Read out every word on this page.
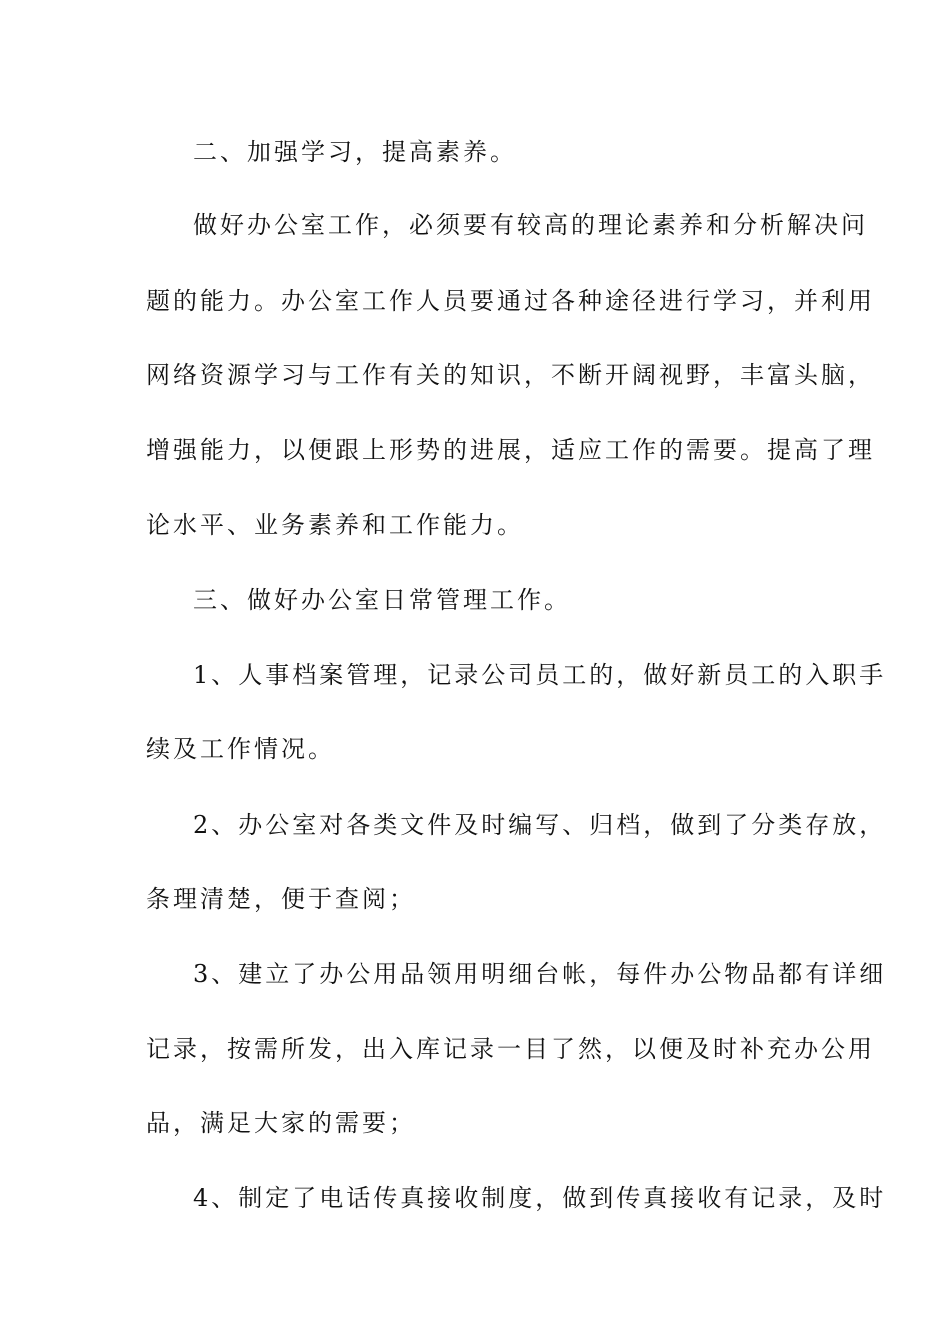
二、加强学习，提高素养。
做好办公室工作，必须要有较高的理论素养和分析解决问
题的能力。办公室工作人员要通过各种途径进行学习，并利用
网络资源学习与工作有关的知识，不断开阔视野，丰富头脑，
增强能力，以便跟上形势的进展，适应工作的需要。提高了理
论水平、业务素养和工作能力。
三、做好办公室日常管理工作。
1、人事档案管理，记录公司员工的，做好新员工的入职手
续及工作情况。
2、办公室对各类文件及时编写、归档，做到了分类存放，
条理清楚，便于查阅；
3、建立了办公用品领用明细台帐，每件办公物品都有详细
记录，按需所发，出入库记录一目了然，以便及时补充办公用
品，满足大家的需要；
4、制定了电话传真接收制度，做到传真接收有记录，及时
